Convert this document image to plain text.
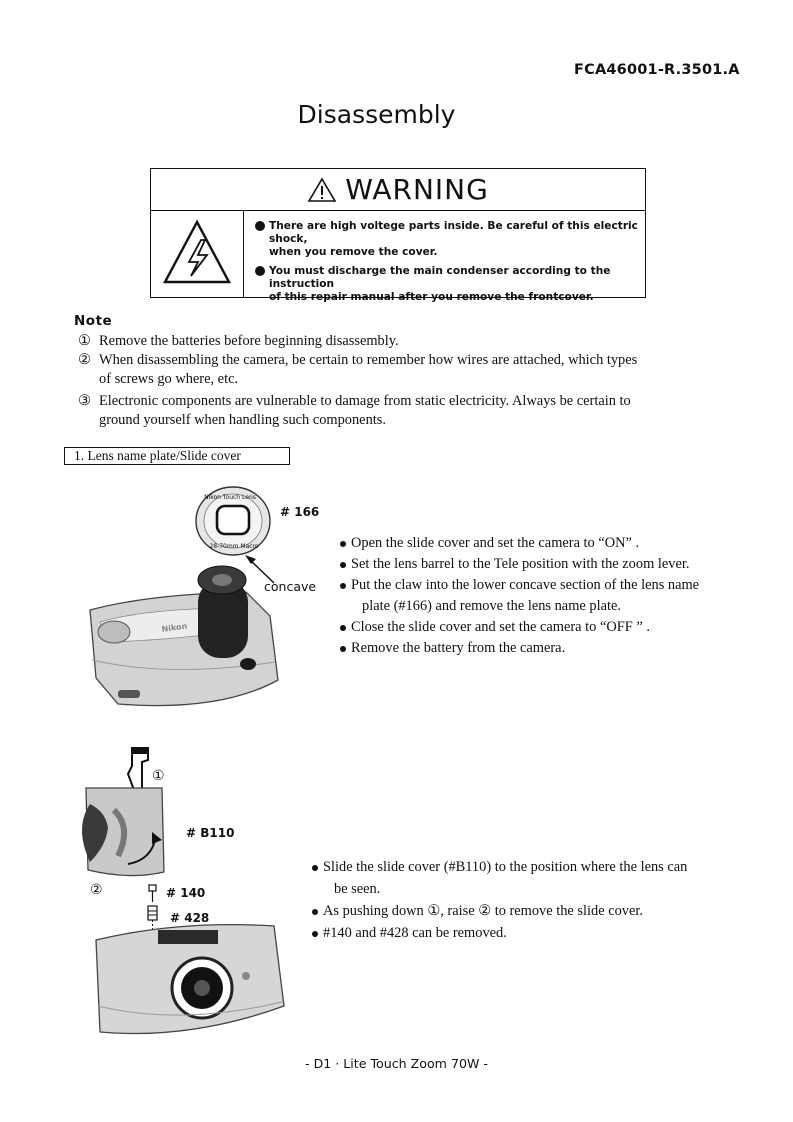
FCA46001-R.3501.A
Disassembly
WARNING
There are high voltege parts inside. Be careful of this electric shock,
when you remove the cover.
You must discharge the main condenser according to the instruction
of this repair manual after you remove the frontcover.
Note
① Remove the batteries before beginning disassembly.
② When disassembling the camera, be certain to remember how wires are attached, which types
of screws go where, etc.
③ Electronic components are vulnerable to damage from static electricity. Always be certain to
ground yourself when handling such components.
1. Lens name plate/Slide cover
Nikon Touch Lens
28-70mm Macro
Nikon
# 166
concave
Open the slide cover and set the camera to “ON” .
Set the lens barrel to the Tele position with the zoom lever.
Put the claw into the lower concave section of the lens name
plate (#166) and remove the lens name plate.
Close the slide cover and set the camera to “OFF ” .
Remove the battery from the camera.
②
①
# B110
# 140
# 428
Slide the slide cover (#B110) to the position where the lens can
be seen.
As pushing down ①, raise ② to remove the slide cover.
#140 and #428 can be removed.
- D1 · Lite Touch Zoom 70W -
